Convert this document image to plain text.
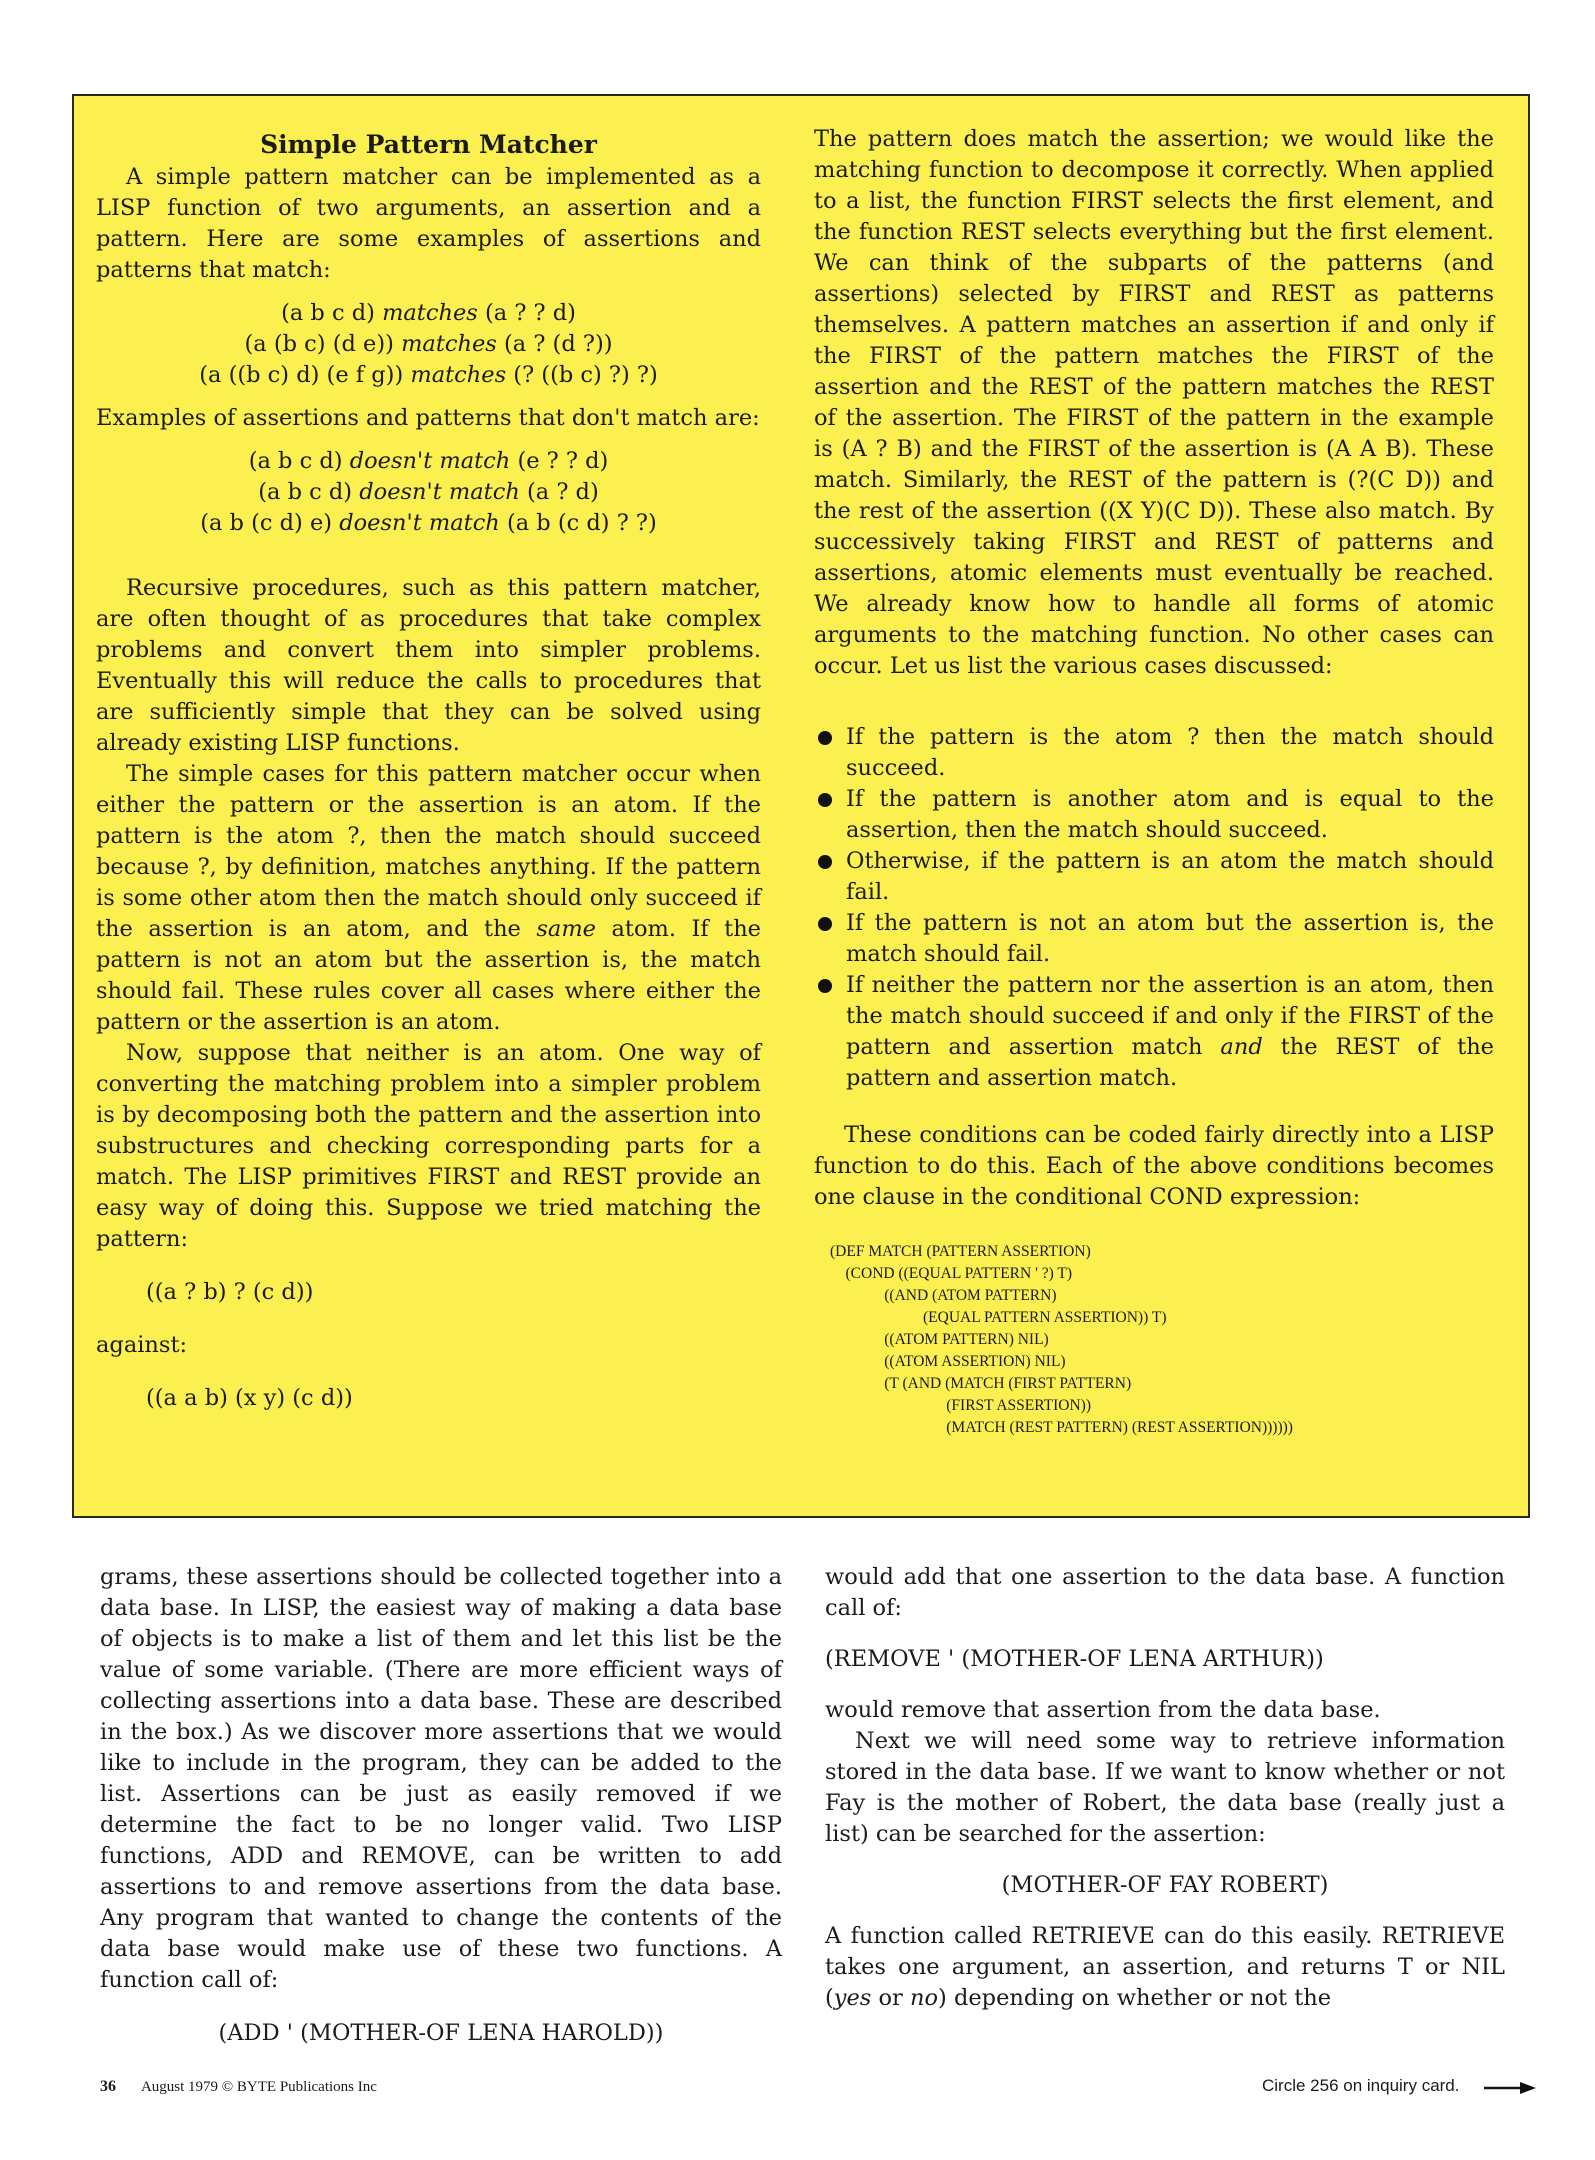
Simple Pattern Matcher

A simple pattern matcher can be implemented as a LISP function of two arguments, an assertion and a pattern. Here are some examples of assertions and patterns that match:

(a b c d) matches (a ? ? d)
(a (b c) (d e)) matches (a ? (d ?))
(a ((b c) d) (e f g)) matches (? ((b c) ?) ?)

Examples of assertions and patterns that don't match are:

(a b c d) doesn't match (e ? ? d)
(a b c d) doesn't match (a ? d)
(a b (c d) e) doesn't match (a b (c d) ? ?)

Recursive procedures, such as this pattern matcher, are often thought of as procedures that take complex problems and convert them into simpler problems. Eventually this will reduce the calls to procedures that are sufficiently simple that they can be solved using already existing LISP functions.

The simple cases for this pattern matcher occur when either the pattern or the assertion is an atom. If the pattern is the atom ?, then the match should succeed because ?, by definition, matches anything. If the pattern is some other atom then the match should only succeed if the assertion is an atom, and the same atom. If the pattern is not an atom but the assertion is, the match should fail. These rules cover all cases where either the pattern or the assertion is an atom.

Now, suppose that neither is an atom. One way of converting the matching problem into a simpler problem is by decomposing both the pattern and the assertion into substructures and checking corresponding parts for a match. The LISP primitives FIRST and REST provide an easy way of doing this. Suppose we tried matching the pattern:

((a ? b) ? (c d))

against:

((a a b) (x y) (c d))

The pattern does match the assertion; we would like the matching function to decompose it correctly. When applied to a list, the function FIRST selects the first element, and the function REST selects everything but the first element. We can think of the subparts of the patterns (and assertions) selected by FIRST and REST as patterns themselves. A pattern matches an assertion if and only if the FIRST of the pattern matches the FIRST of the assertion and the REST of the pattern matches the REST of the assertion. The FIRST of the pattern in the example is (A ? B) and the FIRST of the assertion is (A A B). These match. Similarly, the REST of the pattern is (?(C D)) and the rest of the assertion ((X Y)(C D)). These also match. By successively taking FIRST and REST of patterns and assertions, atomic elements must eventually be reached. We already know how to handle all forms of atomic arguments to the matching function. No other cases can occur. Let us list the various cases discussed:

If the pattern is the atom ? then the match should succeed.
If the pattern is another atom and is equal to the assertion, then the match should succeed.
Otherwise, if the pattern is an atom the match should fail.
If the pattern is not an atom but the assertion is, the match should fail.
If neither the pattern nor the assertion is an atom, then the match should succeed if and only if the FIRST of the pattern and assertion match and the REST of the pattern and assertion match.

These conditions can be coded fairly directly into a LISP function to do this. Each of the above conditions becomes one clause in the conditional COND expression:

(DEF MATCH (PATTERN ASSERTION)
(COND ((EQUAL PATTERN ' ?) T)
((AND (ATOM PATTERN)
(EQUAL PATTERN ASSERTION)) T)
((ATOM PATTERN) NIL)
((ATOM ASSERTION) NIL)
(T (AND (MATCH (FIRST PATTERN)
(FIRST ASSERTION))
(MATCH (REST PATTERN) (REST ASSERTION))))))

grams, these assertions should be collected together into a data base. In LISP, the easiest way of making a data base of objects is to make a list of them and let this list be the value of some variable. (There are more efficient ways of collecting assertions into a data base. These are described in the box.) As we discover more assertions that we would like to include in the program, they can be added to the list. Assertions can be just as easily removed if we determine the fact to be no longer valid. Two LISP functions, ADD and REMOVE, can be written to add assertions to and remove assertions from the data base. Any program that wanted to change the contents of the data base would make use of these two functions. A function call of:

(ADD ' (MOTHER-OF LENA HAROLD))

would add that one assertion to the data base. A function call of:

(REMOVE ' (MOTHER-OF LENA ARTHUR))

would remove that assertion from the data base.

Next we will need some way to retrieve information stored in the data base. If we want to know whether or not Fay is the mother of Robert, the data base (really just a list) can be searched for the assertion:

(MOTHER-OF FAY ROBERT)

A function called RETRIEVE can do this easily. RETRIEVE takes one argument, an assertion, and returns T or NIL (yes or no) depending on whether or not the

36 August 1979 © BYTE Publications Inc	Circle 256 on inquiry card.
